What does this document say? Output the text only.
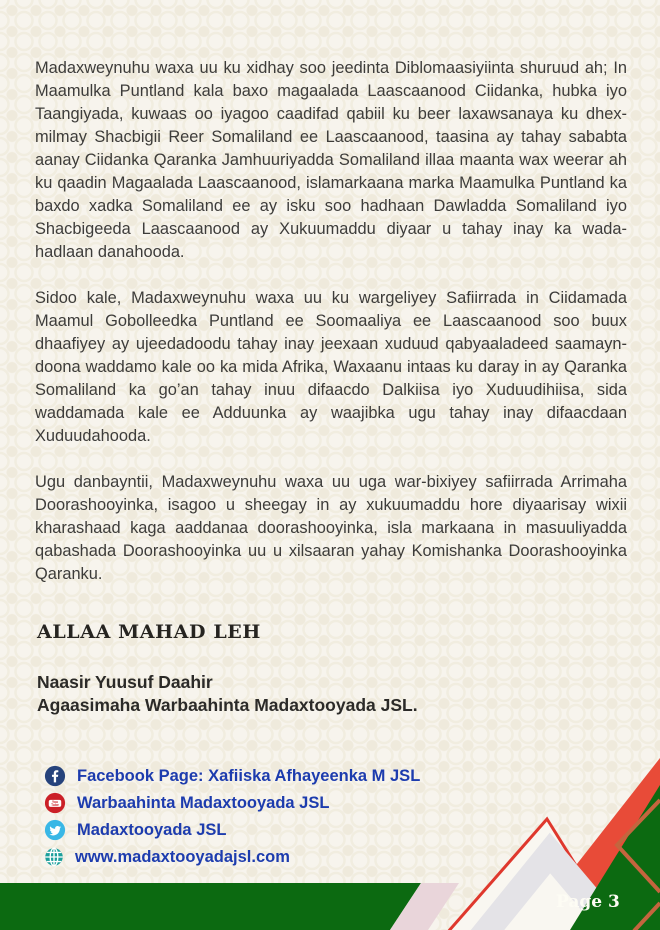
Madaxweynuhu waxa uu ku xidhay soo jeedinta Diblomaasiyiinta shuruud ah; In Maamulka Puntland kala baxo magaalada Laascaanood Ciidanka, hubka iyo Taangiyada, kuwaas oo iyagoo caadifad qabiil ku beer laxawsanaya ku dhex-milmay Shacbigii Reer Somaliland ee Laascaanood, taasina ay tahay sababta aanay Ciidanka Qaranka Jamhuuriyadda Somaliland illaa maanta wax weerar ah ku qaadin Magaalada Laascaanood, islamarkaana marka Maamulka Puntland ka baxdo xadka Somaliland ee ay isku soo hadhaan Dawladda Somaliland iyo Shacbigeeda Laascaanood ay Xukuumaddu diyaar u tahay inay ka wada-hadlaan danahooda.

Sidoo kale, Madaxweynuhu waxa uu ku wargeliyey Safiirrada in Ciidamada Maamul Gobolleedka Puntland ee Soomaaliya ee Laascaanood soo buux dhaafiyey ay ujeedadoodu tahay inay jeexaan xuduud qabyaaladeed saamayn-doona waddamo kale oo ka mida Afrika, Waxaanu intaas ku daray in ay Qaranka Somaliland ka go’an tahay inuu difaacdo Dalkiisa iyo Xuduudihiisa, sida waddamada kale ee Adduunka ay waajibka ugu tahay inay difaacdaan Xuduudahooda.

Ugu danbayntii, Madaxweynuhu waxa uu uga war-bixiyey safiirrada Arrimaha Doorashooyinka, isagoo u sheegay in ay xukuumaddu hore diyaarisay wixii kharashaad kaga aaddanaa doorashooyinka, isla markaana in masuuliyadda qabashada Doorashooyinka uu u xilsaaran yahay Komishanka Doorashooyinka Qaranku.

ALLAA MAHAD LEH
Naasir Yuusuf Daahir
Agaasimaha Warbaahinta Madaxtooyada JSL.
Facebook Page: Xafiiska Afhayeenka M JSL
You
Tube Warbaahinta Madaxtooyada JSL
Madaxtooyada JSL
www.madaxtooyadajsl.com
Page 3
